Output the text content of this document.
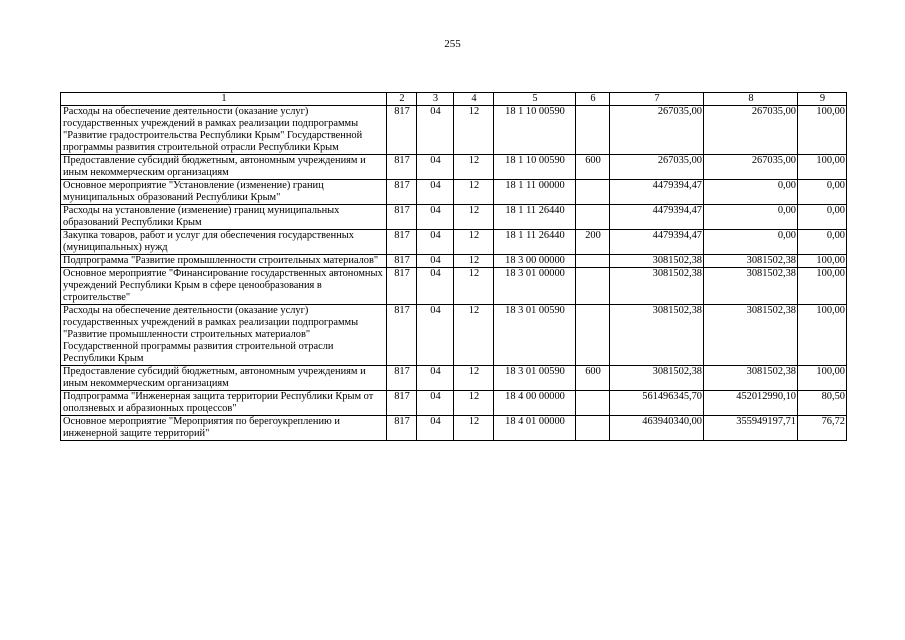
255
1	2	3	4	5	6	7	8	9
Расходы на обеспечение деятельности (оказание услуг) государственных учреждений в рамках реализации подпрограммы "Развитие градостроительства Республики Крым" Государственной программы развития строительной отрасли Республики Крым	817	04	12	18 1 10 00590		267035,00	267035,00	100,00
Предоставление субсидий бюджетным, автономным учреждениям и иным некоммерческим организациям	817	04	12	18 1 10 00590	600	267035,00	267035,00	100,00
Основное мероприятие "Установление (изменение) границ муниципальных образований Республики Крым"	817	04	12	18 1 11 00000		4479394,47	0,00	0,00
Расходы на установление (изменение) границ муниципальных образований Республики Крым	817	04	12	18 1 11 26440		4479394,47	0,00	0,00
Закупка товаров, работ и услуг для обеспечения государственных (муниципальных) нужд	817	04	12	18 1 11 26440	200	4479394,47	0,00	0,00
Подпрограмма "Развитие промышленности строительных материалов"	817	04	12	18 3 00 00000		3081502,38	3081502,38	100,00
Основное мероприятие "Финансирование государственных автономных учреждений Республики Крым в сфере ценообразования в строительстве"	817	04	12	18 3 01 00000		3081502,38	3081502,38	100,00
Расходы на обеспечение деятельности (оказание услуг) государственных учреждений в рамках реализации подпрограммы "Развитие промышленности строительных материалов" Государственной программы развития строительной отрасли Республики Крым	817	04	12	18 3 01 00590		3081502,38	3081502,38	100,00
Предоставление субсидий бюджетным, автономным учреждениям и иным некоммерческим организациям	817	04	12	18 3 01 00590	600	3081502,38	3081502,38	100,00
Подпрограмма "Инженерная защита территории Республики Крым от оползневых и абразионных процессов"	817	04	12	18 4 00 00000		561496345,70	452012990,10	80,50
Основное мероприятие "Мероприятия по берегоукреплению и инженерной защите территорий"	817	04	12	18 4 01 00000		463940340,00	355949197,71	76,72
